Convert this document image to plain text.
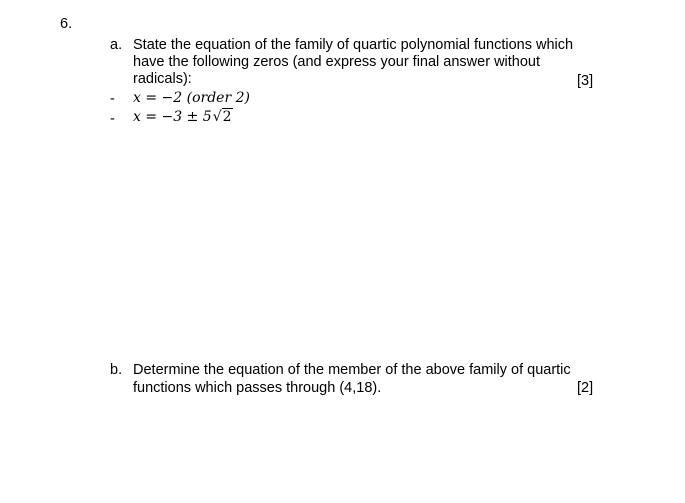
6.
a. State the equation of the family of quartic polynomial functions which
have the following zeros (and express your final answer without
radicals):	[3]
- x = −2 (order 2)
- x = −3 ± 5√2
b. Determine the equation of the member of the above family of quartic
functions which passes through (4,18).	[2]
